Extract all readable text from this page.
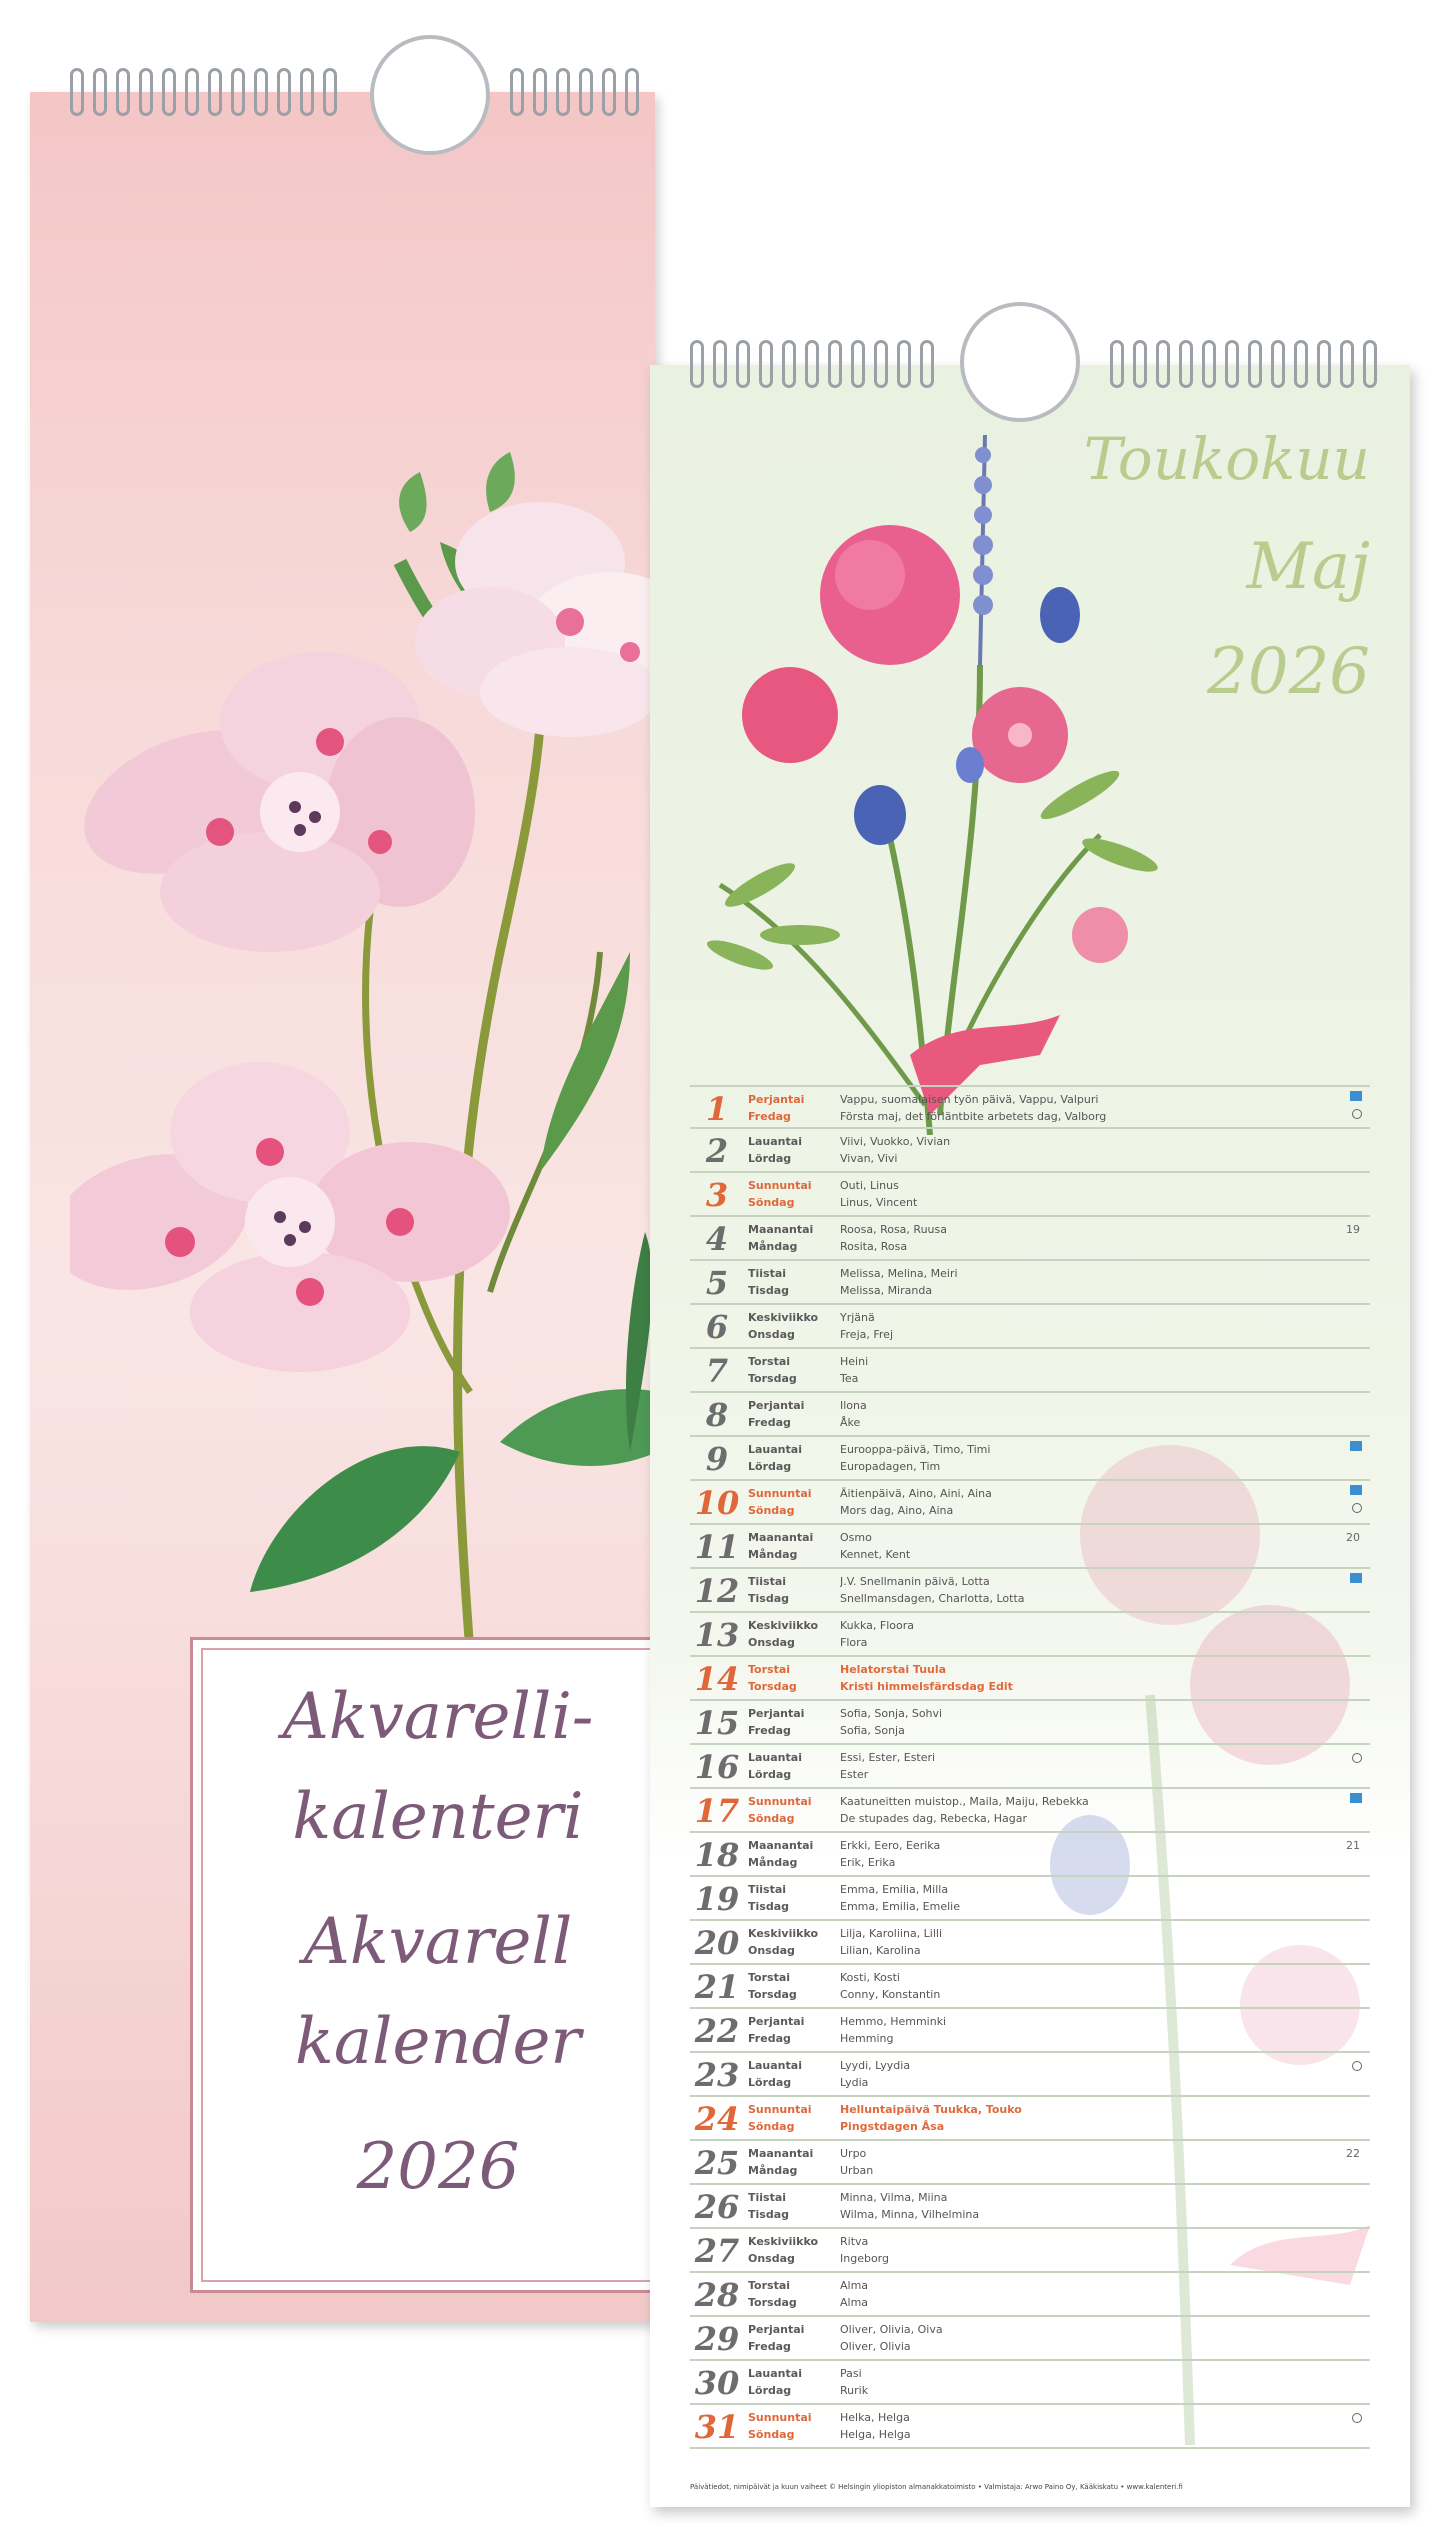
Akvarelli-
kalenteri
Akvarell
kalender
2026
Toukokuu
Maj
2026
1	Perjantai
Fredag
Vappu, suomalaisen työn päivä, Vappu, Valpuri
Första maj, det förläntbite arbetets dag, Valborg
2	Lauantai
Lördag
Viivi, Vuokko, Vivian
Vivan, Vivi
3	Sunnuntai
Söndag
Outi, Linus
Linus, Vincent
4	Maanantai
Måndag
Roosa, Rosa, Ruusa
Rosita, Rosa
19
5	Tiistai
Tisdag
Melissa, Melina, Meiri
Melissa, Miranda
6	Keskiviikko
Onsdag
Yrjänä
Freja, Frej
7	Torstai
Torsdag
Heini
Tea
8	Perjantai
Fredag
Ilona
Åke
9	Lauantai
Lördag
Eurooppa-päivä, Timo, Timi
Europadagen, Tim
10 Sunnuntai
Söndag
Äitienpäivä, Aino, Aini, Aina
Mors dag, Aino, Aina
11 Maanantai
Måndag
Osmo
Kennet, Kent
20
12 Tiistai
Tisdag
J.V. Snellmanin päivä, Lotta
Snellmansdagen, Charlotta, Lotta
13 Keskiviikko
Onsdag
Kukka, Floora
Flora
14 Torstai
Torsdag
Helatorstai Tuula
Kristi himmelsfärdsdag Edit
15 Perjantai
Fredag
Sofia, Sonja, Sohvi
Sofia, Sonja
16 Lauantai
Lördag
Essi, Ester, Esteri
Ester
17 Sunnuntai
Söndag
Kaatuneitten muistop., Maila, Maiju, Rebekka
De stupades dag, Rebecka, Hagar
18 Maanantai
Måndag
Erkki, Eero, Eerika
Erik, Erika
21
19 Tiistai
Tisdag
Emma, Emilia, Milla
Emma, Emilia, Emelie
20 Keskiviikko
Onsdag
Lilja, Karoliina, Lilli
Lilian, Karolina
21 Torstai
Torsdag
Kosti, Kosti
Conny, Konstantin
22 Perjantai
Fredag
Hemmo, Hemminki
Hemming
23 Lauantai
Lördag
Lyydi, Lyydia
Lydia
24 Sunnuntai
Söndag
Helluntaipäivä Tuukka, Touko
Pingstdagen Åsa
25 Maanantai
Måndag
Urpo
Urban
22
26 Tiistai
Tisdag
Minna, Vilma, Miina
Wilma, Minna, Vilhelmina
27 Keskiviikko
Onsdag
Ritva
Ingeborg
28 Torstai
Torsdag
Alma
Alma
29 Perjantai
Fredag
Oliver, Olivia, Oiva
Oliver, Olivia
30 Lauantai
Lördag
Pasi
Rurik
31 Sunnuntai
Söndag
Helka, Helga
Helga, Helga
Päivätiedot, nimipäivät ja kuun vaiheet © Helsingin yliopiston almanakkatoimisto • Valmistaja: Arwo Paino Oy, Kääkiskatu • www.kalenteri.fi
